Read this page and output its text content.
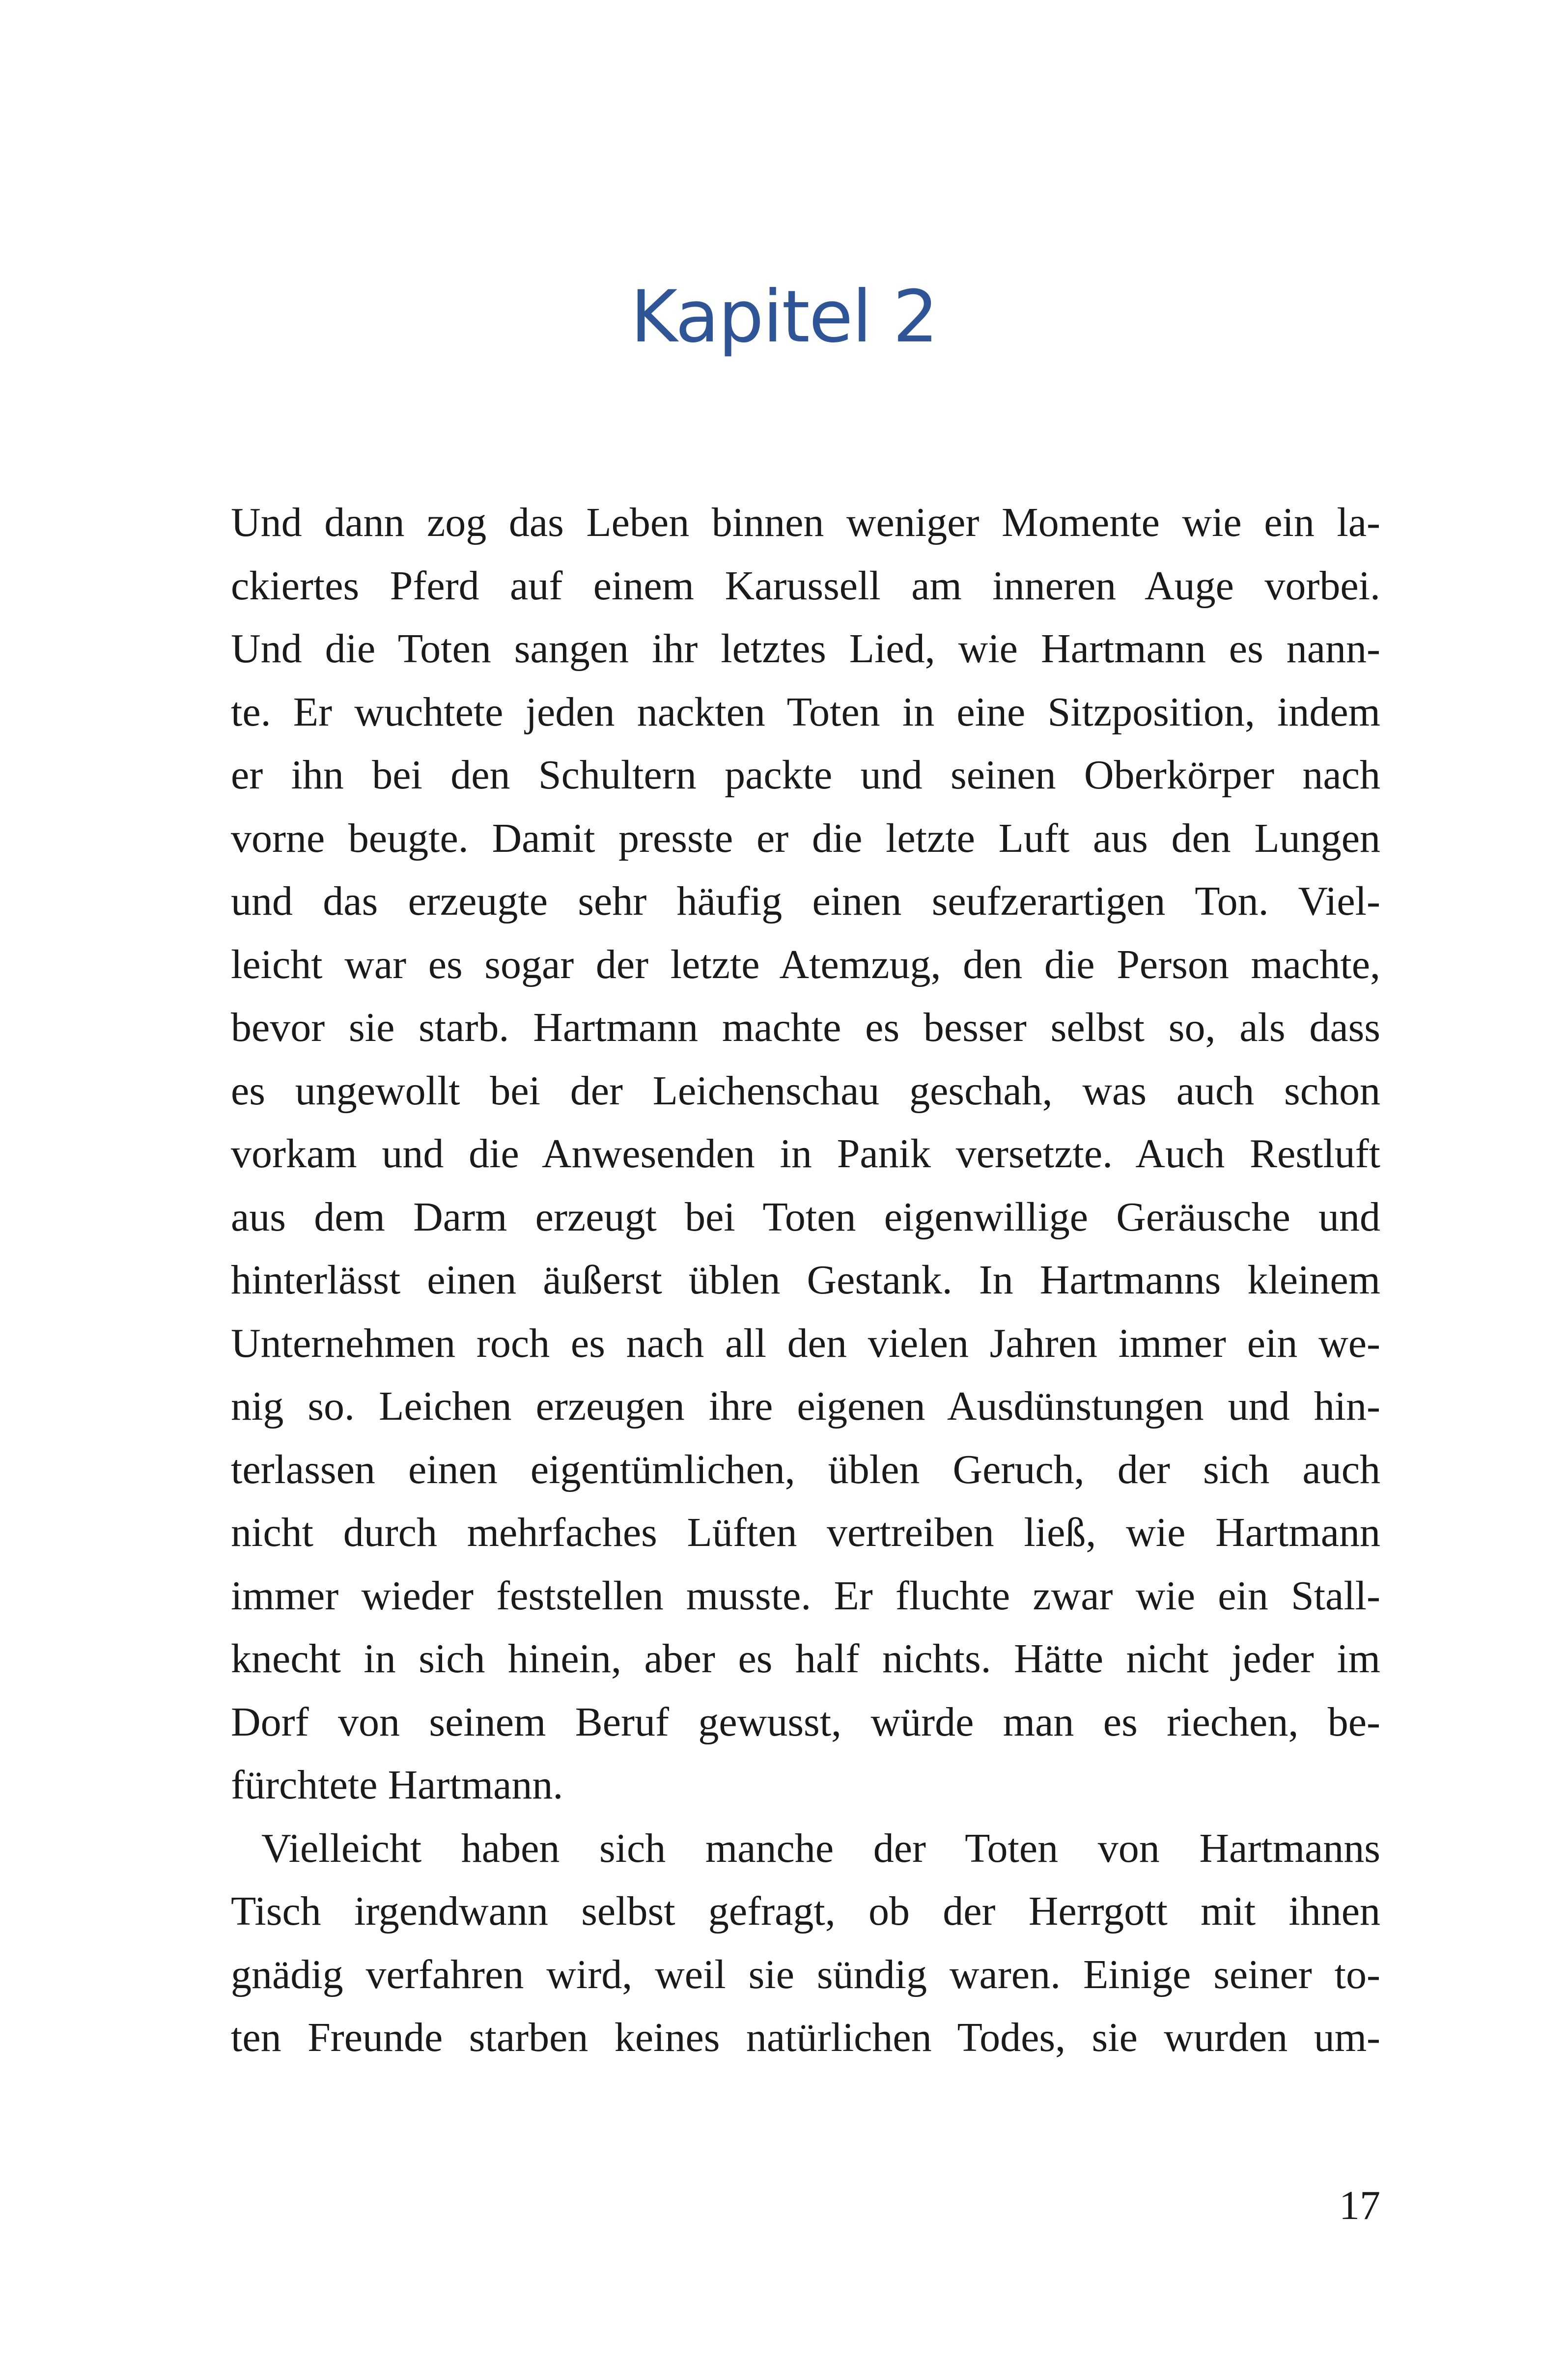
Kapitel 2
Und dann zog das Leben binnen weniger Momente wie ein la-
ckiertes Pferd auf einem Karussell am inneren Auge vorbei.
Und die Toten sangen ihr letztes Lied, wie Hartmann es nann-
te. Er wuchtete jeden nackten Toten in eine Sitzposition, indem
er ihn bei den Schultern packte und seinen Oberkörper nach
vorne beugte. Damit presste er die letzte Luft aus den Lungen
und das erzeugte sehr häufig einen seufzerartigen Ton. Viel-
leicht war es sogar der letzte Atemzug, den die Person machte,
bevor sie starb. Hartmann machte es besser selbst so, als dass
es ungewollt bei der Leichenschau geschah, was auch schon
vorkam und die Anwesenden in Panik versetzte. Auch Restluft
aus dem Darm erzeugt bei Toten eigenwillige Geräusche und
hinterlässt einen äußerst üblen Gestank. In Hartmanns kleinem
Unternehmen roch es nach all den vielen Jahren immer ein we-
nig so. Leichen erzeugen ihre eigenen Ausdünstungen und hin-
terlassen einen eigentümlichen, üblen Geruch, der sich auch
nicht durch mehrfaches Lüften vertreiben ließ, wie Hartmann
immer wieder feststellen musste. Er fluchte zwar wie ein Stall-
knecht in sich hinein, aber es half nichts. Hätte nicht jeder im
Dorf von seinem Beruf gewusst, würde man es riechen, be-
fürchtete Hartmann.
Vielleicht haben sich manche der Toten von Hartmanns
Tisch irgendwann selbst gefragt, ob der Herrgott mit ihnen
gnädig verfahren wird, weil sie sündig waren. Einige seiner to-
ten Freunde starben keines natürlichen Todes, sie wurden um-
17
